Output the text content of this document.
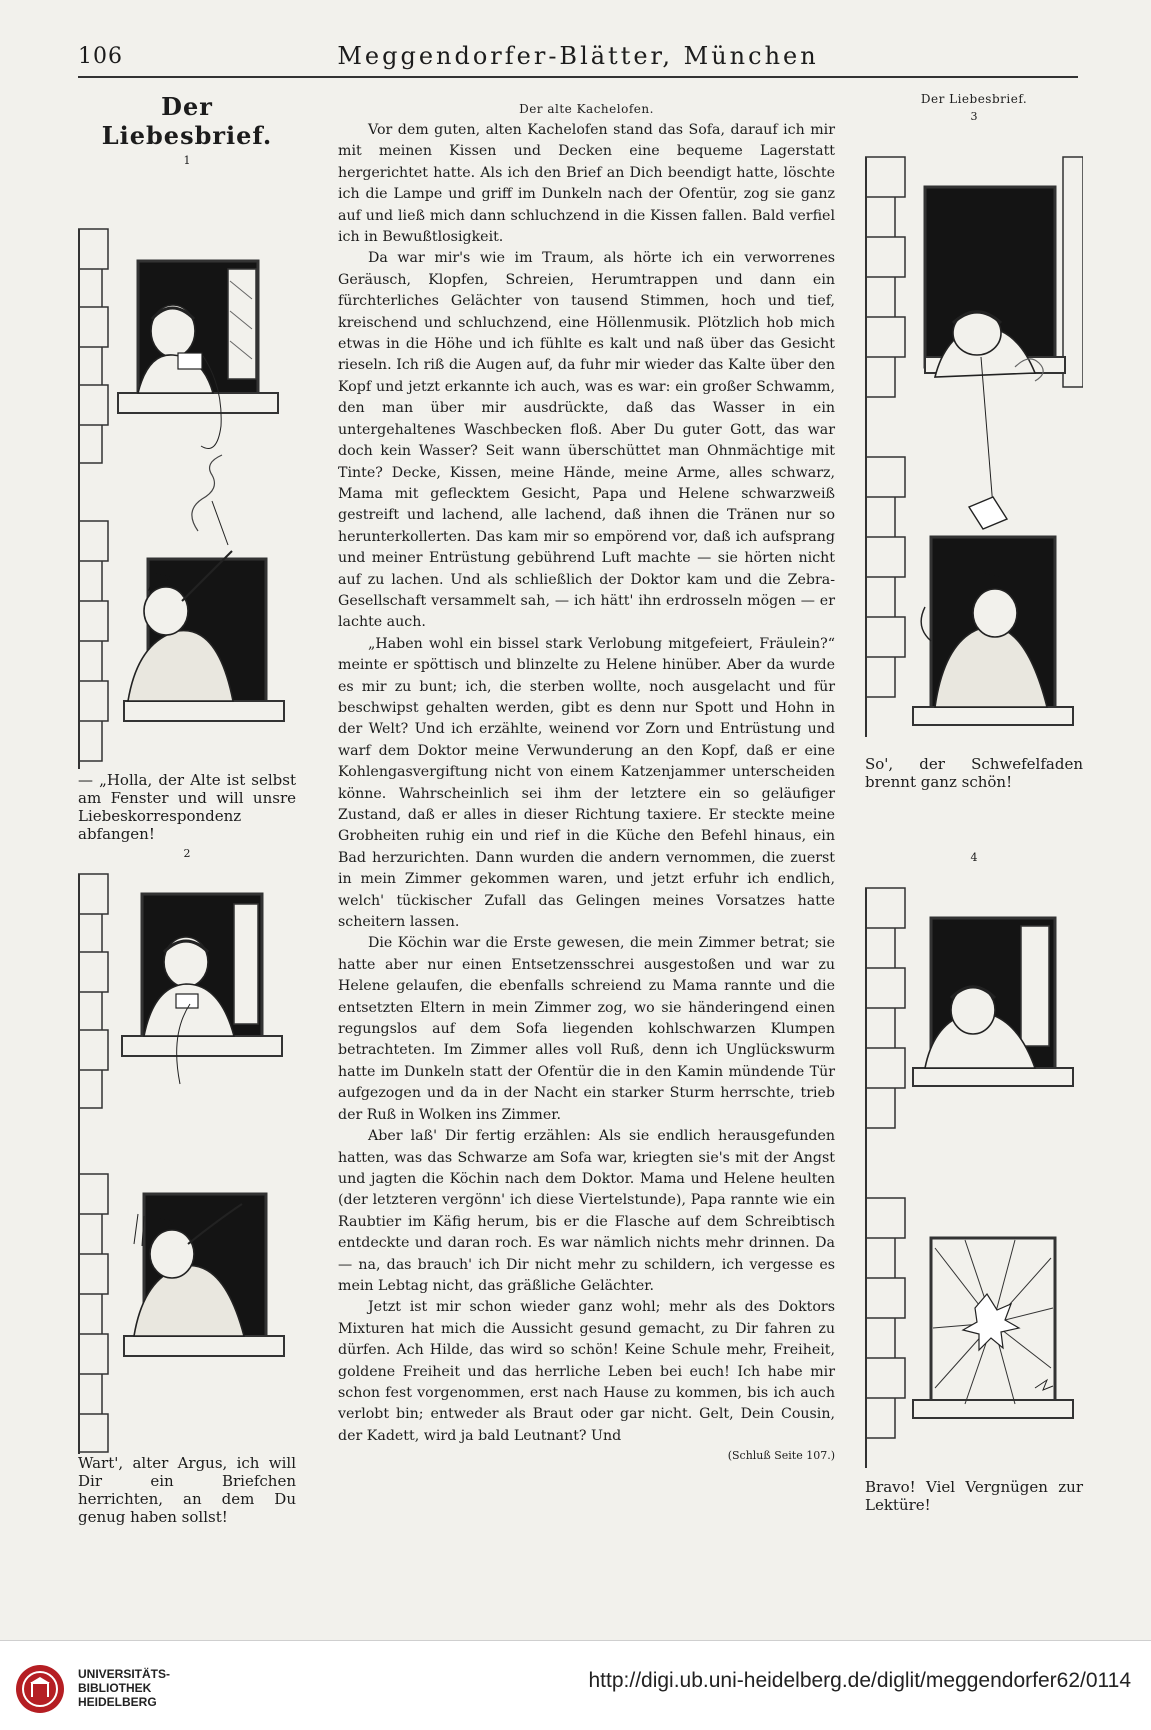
106	Meggendorfer-Blätter, München
Der Liebesbrief.
1
— „Holla, der Alte ist selbst am Fenster und will unsre Liebeskorrespondenz abfangen!
2
Wart', alter Argus, ich will Dir ein Briefchen herrichten, an dem Du genug haben sollst!
Der alte Kachelofen.

Vor dem guten, alten Kachelofen stand das Sofa, darauf ich mir mit meinen Kissen und Decken eine bequeme Lagerstatt hergerichtet hatte. Als ich den Brief an Dich beendigt hatte, löschte ich die Lampe und griff im Dunkeln nach der Ofentür, zog sie ganz auf und ließ mich dann schluchzend in die Kissen fallen. Bald verfiel ich in Bewußtlosigkeit.

Da war mir's wie im Traum, als hörte ich ein verworrenes Geräusch, Klopfen, Schreien, Herumtrappen und dann ein fürchterliches Gelächter von tausend Stimmen, hoch und tief, kreischend und schluchzend, eine Höllenmusik. Plötzlich hob mich etwas in die Höhe und ich fühlte es kalt und naß über das Gesicht rieseln. Ich riß die Augen auf, da fuhr mir wieder das Kalte über den Kopf und jetzt erkannte ich auch, was es war: ein großer Schwamm, den man über mir ausdrückte, daß das Wasser in ein untergehaltenes Waschbecken floß. Aber Du guter Gott, das war doch kein Wasser? Seit wann überschüttet man Ohnmächtige mit Tinte? Decke, Kissen, meine Hände, meine Arme, alles schwarz, Mama mit geflecktem Gesicht, Papa und Helene schwarzweiß gestreift und lachend, alle lachend, daß ihnen die Tränen nur so herunterkollerten. Das kam mir so empörend vor, daß ich aufsprang und meiner Entrüstung gebührend Luft machte — sie hörten nicht auf zu lachen. Und als schließlich der Doktor kam und die Zebra-Gesellschaft versammelt sah, — ich hätt' ihn erdrosseln mögen — er lachte auch.

„Haben wohl ein bissel stark Verlobung mitgefeiert, Fräulein?“ meinte er spöttisch und blinzelte zu Helene hinüber. Aber da wurde es mir zu bunt; ich, die sterben wollte, noch ausgelacht und für beschwipst gehalten werden, gibt es denn nur Spott und Hohn in der Welt? Und ich erzählte, weinend vor Zorn und Entrüstung und warf dem Doktor meine Verwunderung an den Kopf, daß er eine Kohlengasvergiftung nicht von einem Katzenjammer unterscheiden könne. Wahrscheinlich sei ihm der letztere ein so geläufiger Zustand, daß er alles in dieser Richtung taxiere. Er steckte meine Grobheiten ruhig ein und rief in die Küche den Befehl hinaus, ein Bad herzurichten. Dann wurden die andern vernommen, die zuerst in mein Zimmer gekommen waren, und jetzt erfuhr ich endlich, welch' tückischer Zufall das Gelingen meines Vorsatzes hatte scheitern lassen.

Die Köchin war die Erste gewesen, die mein Zimmer betrat; sie hatte aber nur einen Entsetzensschrei ausgestoßen und war zu Helene gelaufen, die ebenfalls schreiend zu Mama rannte und die entsetzten Eltern in mein Zimmer zog, wo sie händeringend einen regungslos auf dem Sofa liegenden kohlschwarzen Klumpen betrachteten. Im Zimmer alles voll Ruß, denn ich Unglückswurm hatte im Dunkeln statt der Ofentür die in den Kamin mündende Tür aufgezogen und da in der Nacht ein starker Sturm herrschte, trieb der Ruß in Wolken ins Zimmer.

Aber laß' Dir fertig erzählen: Als sie endlich herausgefunden hatten, was das Schwarze am Sofa war, kriegten sie's mit der Angst und jagten die Köchin nach dem Doktor. Mama und Helene heulten (der letzteren vergönn' ich diese Viertelstunde), Papa rannte wie ein Raubtier im Käfig herum, bis er die Flasche auf dem Schreibtisch entdeckte und daran roch. Es war nämlich nichts mehr drinnen. Da — na, das brauch' ich Dir nicht mehr zu schildern, ich vergesse es mein Lebtag nicht, das gräßliche Gelächter.

Jetzt ist mir schon wieder ganz wohl; mehr als des Doktors Mixturen hat mich die Aussicht gesund gemacht, zu Dir fahren zu dürfen. Ach Hilde, das wird so schön! Keine Schule mehr, Freiheit, goldene Freiheit und das herrliche Leben bei euch! Ich habe mir schon fest vorgenommen, erst nach Hause zu kommen, bis ich auch verlobt bin; entweder als Braut oder gar nicht. Gelt, Dein Cousin, der Kadett, wird ja bald Leutnant? Und

(Schluß Seite 107.)
Der Liebesbrief.
3
So', der Schwefelfaden brennt ganz schön!
4
Bravo! Viel Vergnügen zur Lektüre!
UNIVERSITÄTS-
BIBLIOTHEK
HEIDELBERG
http://digi.ub.uni-heidelberg.de/diglit/meggendorfer62/0114
